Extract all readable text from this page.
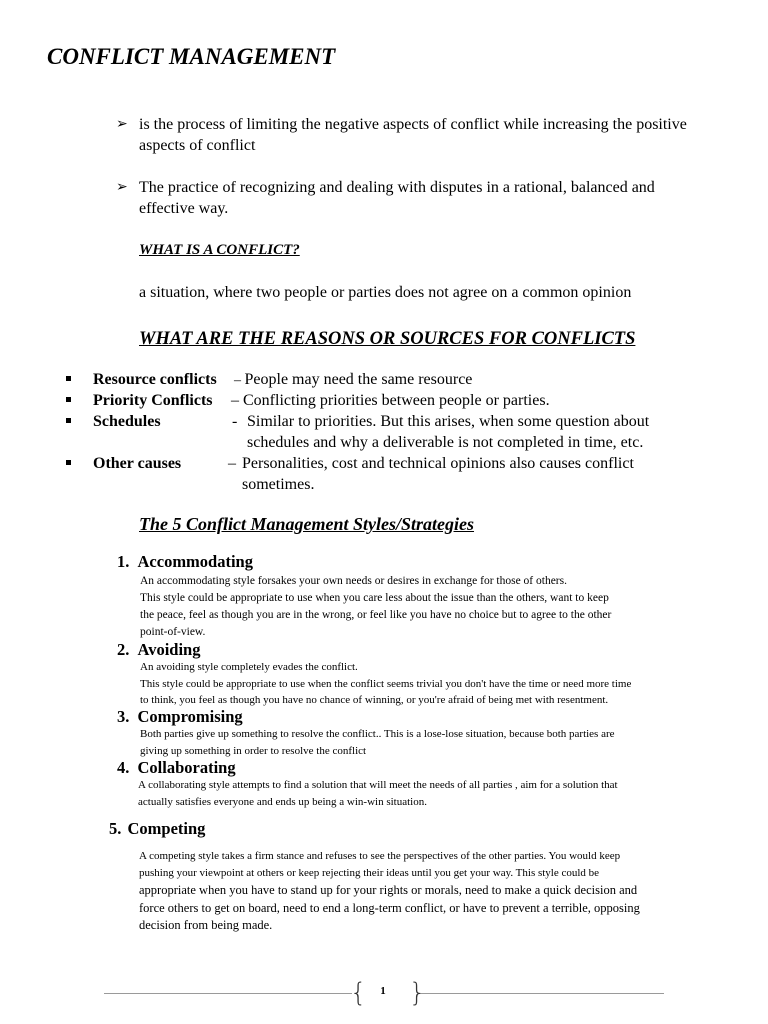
CONFLICT MANAGEMENT
➢ is the process of limiting the negative aspects of conflict while increasing the positive aspects of conflict
➢ The practice of recognizing and dealing with disputes in a rational, balanced and effective way.
WHAT IS A CONFLICT?
a situation, where two people or parties does not agree on a common opinion
WHAT ARE THE REASONS OR SOURCES FOR CONFLICTS
Resource conflicts – People may need the same resource
Priority Conflicts – Conflicting priorities between people or parties.
Schedules	- Similar to priorities. But this arises, when some question about
schedules and why a deliverable is not completed in time, etc.
Other causes	– Personalities, cost and technical opinions also causes conflict
sometimes.
The 5 Conflict Management Styles/Strategies
1. Accommodating
An accommodating style forsakes your own needs or desires in exchange for those of others.
This style could be appropriate to use when you care less about the issue than the others, want to keep
the peace, feel as though you are in the wrong, or feel like you have no choice but to agree to the other
point-of-view.
2. Avoiding
An avoiding style completely evades the conflict.
This style could be appropriate to use when the conflict seems trivial you don't have the time or need more time
to think, you feel as though you have no chance of winning, or you're afraid of being met with resentment.
3. Compromising
Both parties give up something to resolve the conflict.. This is a lose-lose situation, because both parties are
giving up something in order to resolve the conflict
4. Collaborating
A collaborating style attempts to find a solution that will meet the needs of all parties , aim for a solution that
actually satisfies everyone and ends up being a win-win situation.
5. Competing
A competing style takes a firm stance and refuses to see the perspectives of the other parties. You would keep
pushing your viewpoint at others or keep rejecting their ideas until you get your way. This style could be
appropriate when you have to stand up for your rights or morals, need to make a quick decision and
force others to get on board, need to end a long-term conflict, or have to prevent a terrible, opposing
decision from being made.
{ }
1
